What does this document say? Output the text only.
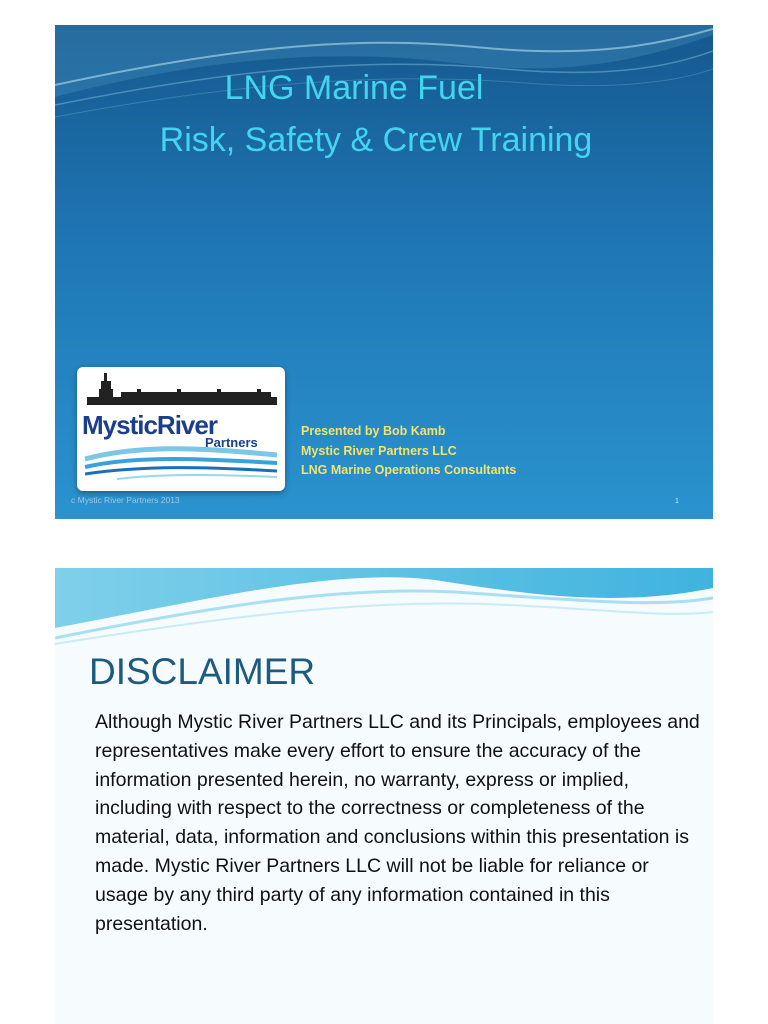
LNG Marine Fuel
Risk, Safety & Crew Training
MysticRiver
Partners
Presented by Bob Kamb
Mystic River Partners LLC
LNG Marine Operations Consultants
c Mystic River Partners 2013	1
DISCLAIMER

Although Mystic River Partners LLC and its Principals, employees and representatives make every effort to ensure the accuracy of the information presented herein, no warranty, express or implied, including with respect to the correctness or completeness of the material, data, information and conclusions within this presentation is made. Mystic River Partners LLC will not be liable for reliance or usage by any third party of any information contained in this presentation.
